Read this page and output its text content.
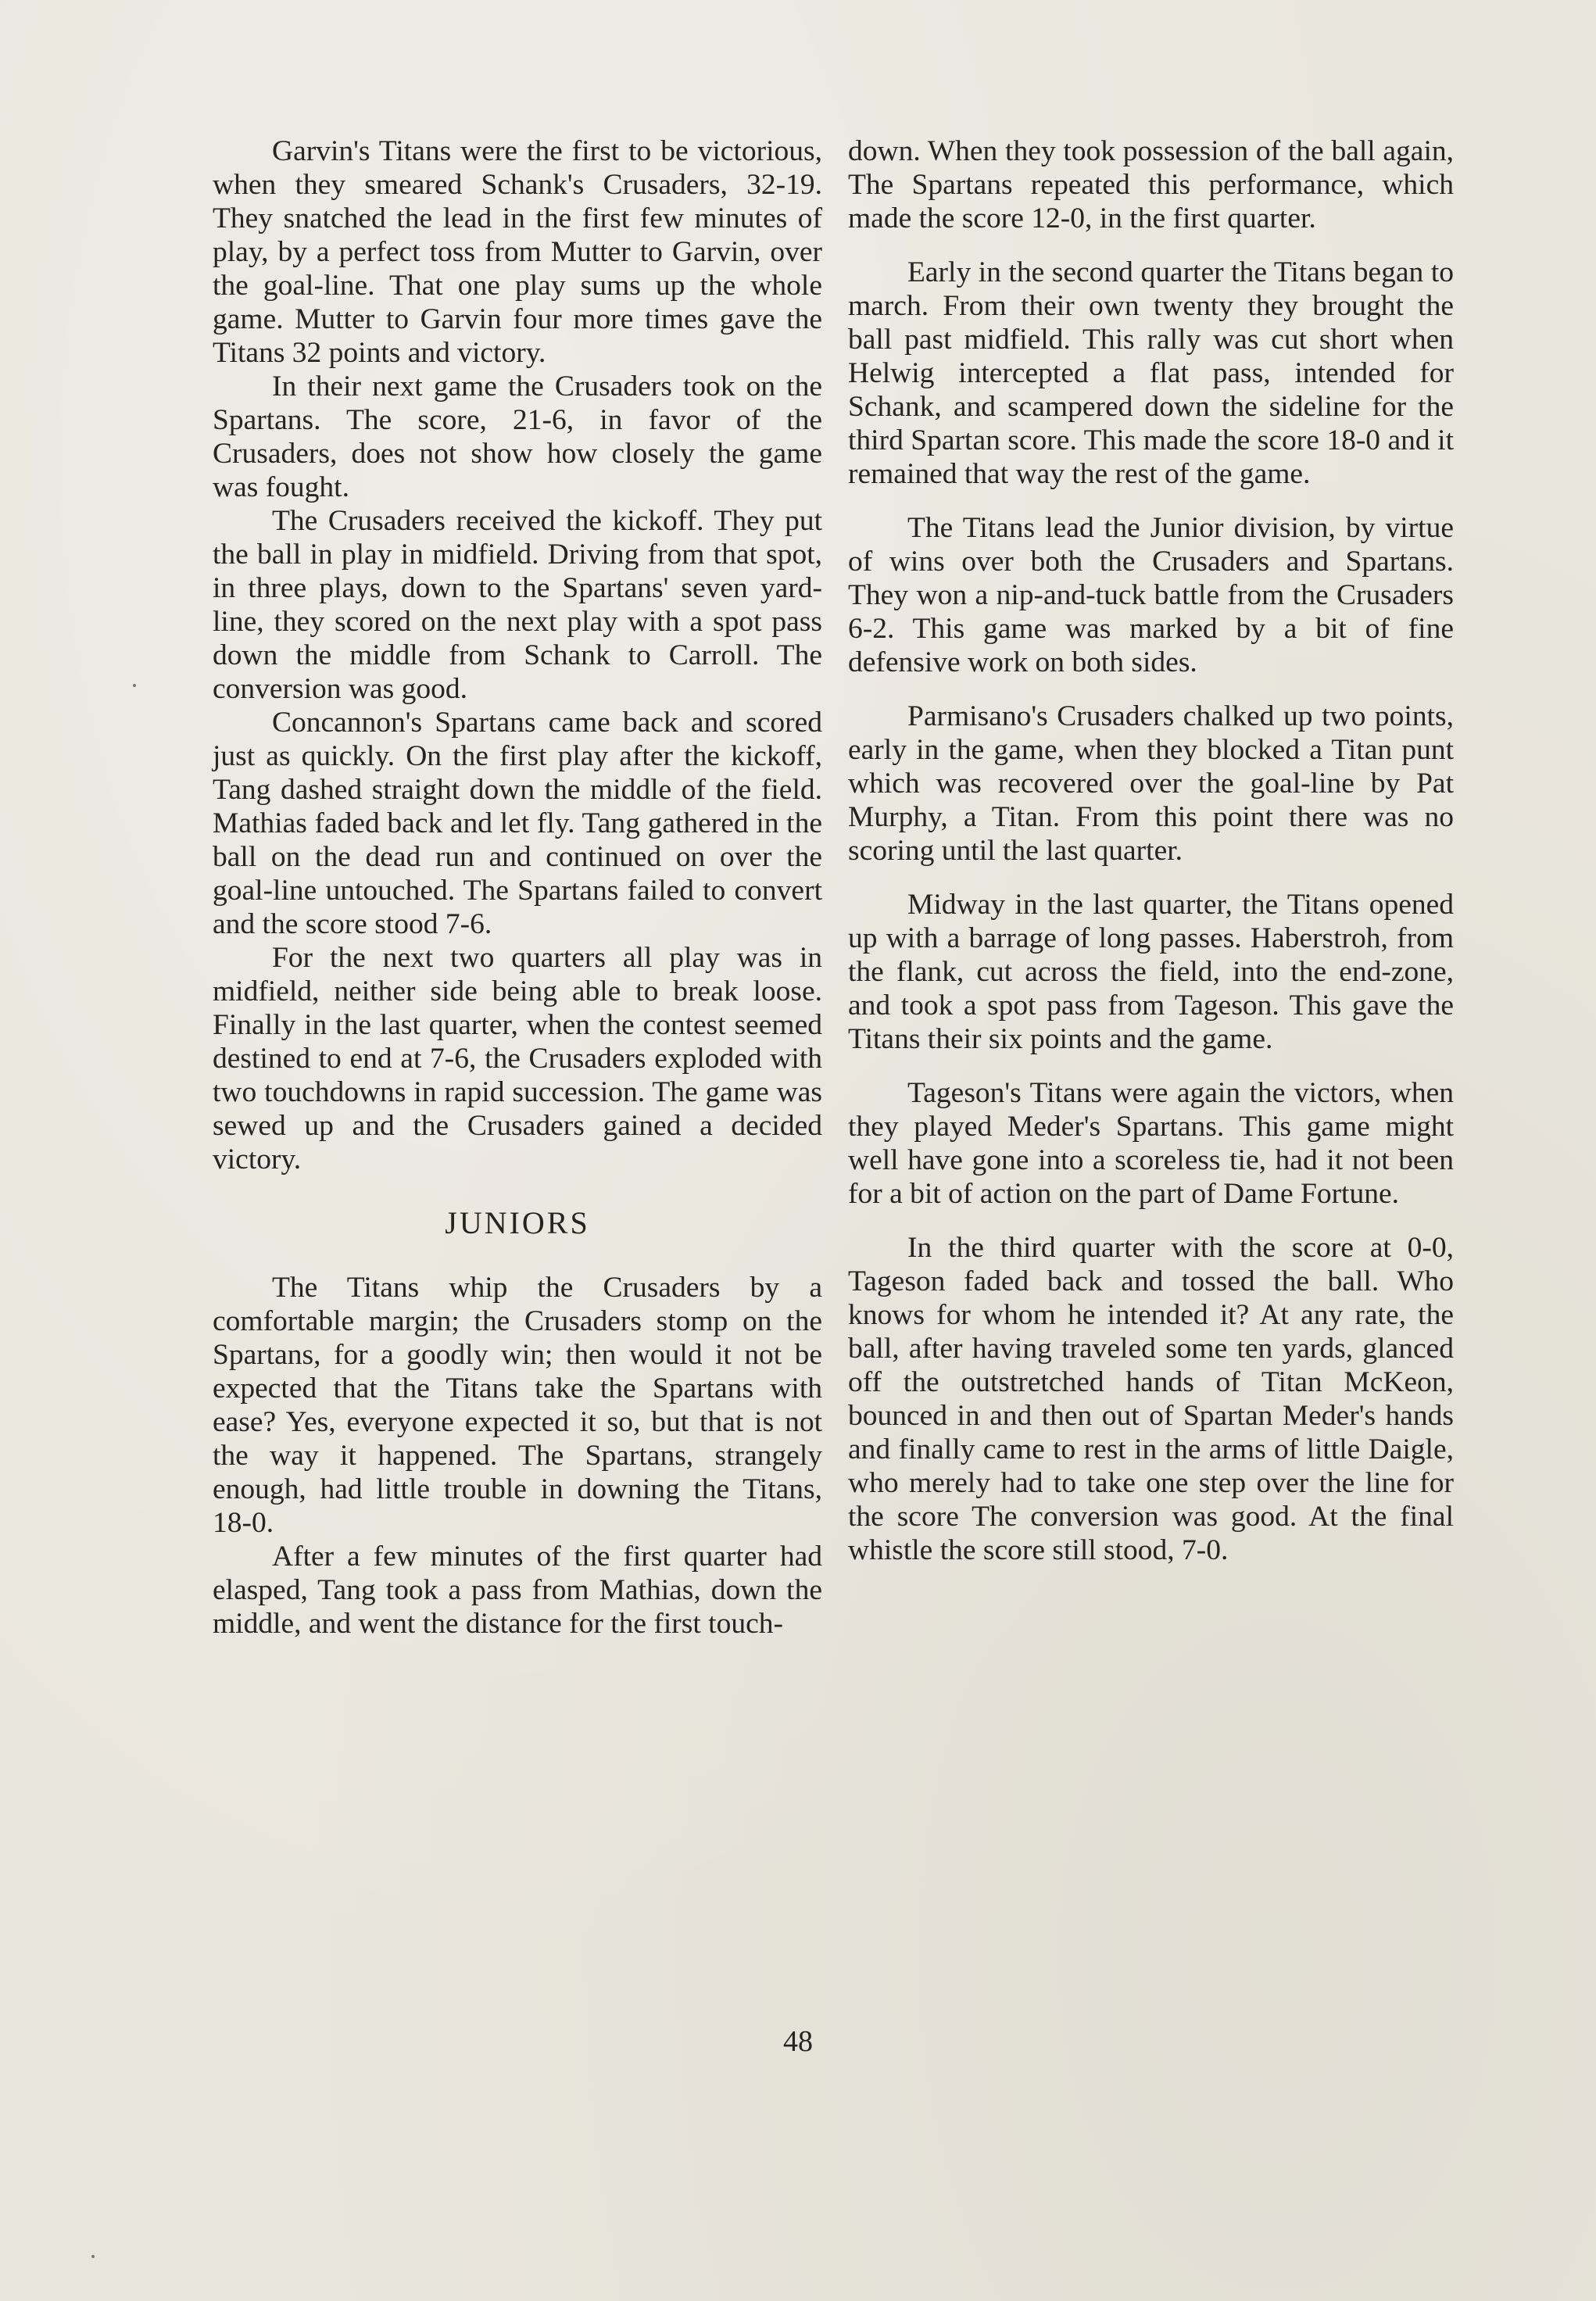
Garvin's Titans were the first to be victorious, when they smeared Schank's Crusaders, 32-19. They snatched the lead in the first few minutes of play, by a perfect toss from Mutter to Garvin, over the goal-line. That one play sums up the whole game. Mutter to Garvin four more times gave the Titans 32 points and victory.

In their next game the Crusaders took on the Spartans. The score, 21-6, in favor of the Crusaders, does not show how closely the game was fought.

The Crusaders received the kickoff. They put the ball in play in midfield. Driving from that spot, in three plays, down to the Spartans' seven yard-line, they scored on the next play with a spot pass down the middle from Schank to Carroll. The conversion was good.

Concannon's Spartans came back and scored just as quickly. On the first play after the kickoff, Tang dashed straight down the middle of the field. Mathias faded back and let fly. Tang gathered in the ball on the dead run and continued on over the goal-line untouched. The Spartans failed to convert and the score stood 7-6.

For the next two quarters all play was in midfield, neither side being able to break loose. Finally in the last quarter, when the contest seemed destined to end at 7-6, the Crusaders exploded with two touchdowns in rapid succession. The game was sewed up and the Crusaders gained a decided victory.

JUNIORS

The Titans whip the Crusaders by a comfortable margin; the Crusaders stomp on the Spartans, for a goodly win; then would it not be expected that the Titans take the Spartans with ease? Yes, everyone expected it so, but that is not the way it happened. The Spartans, strangely enough, had little trouble in downing the Titans, 18-0.

After a few minutes of the first quarter had elasped, Tang took a pass from Mathias, down the middle, and went the distance for the first touch-

down. When they took possession of the ball again, The Spartans repeated this performance, which made the score 12-0, in the first quarter.

Early in the second quarter the Titans began to march. From their own twenty they brought the ball past midfield. This rally was cut short when Helwig intercepted a flat pass, intended for Schank, and scampered down the sideline for the third Spartan score. This made the score 18-0 and it remained that way the rest of the game.

The Titans lead the Junior division, by virtue of wins over both the Crusaders and Spartans. They won a nip-and-tuck battle from the Crusaders 6-2. This game was marked by a bit of fine defensive work on both sides.

Parmisano's Crusaders chalked up two points, early in the game, when they blocked a Titan punt which was recovered over the goal-line by Pat Murphy, a Titan. From this point there was no scoring until the last quarter.

Midway in the last quarter, the Titans opened up with a barrage of long passes. Haberstroh, from the flank, cut across the field, into the end-zone, and took a spot pass from Tageson. This gave the Titans their six points and the game.

Tageson's Titans were again the victors, when they played Meder's Spartans. This game might well have gone into a scoreless tie, had it not been for a bit of action on the part of Dame Fortune.

In the third quarter with the score at 0-0, Tageson faded back and tossed the ball. Who knows for whom he intended it? At any rate, the ball, after having traveled some ten yards, glanced off the outstretched hands of Titan McKeon, bounced in and then out of Spartan Meder's hands and finally came to rest in the arms of little Daigle, who merely had to take one step over the line for the score The conversion was good. At the final whistle the score still stood, 7-0.

48
